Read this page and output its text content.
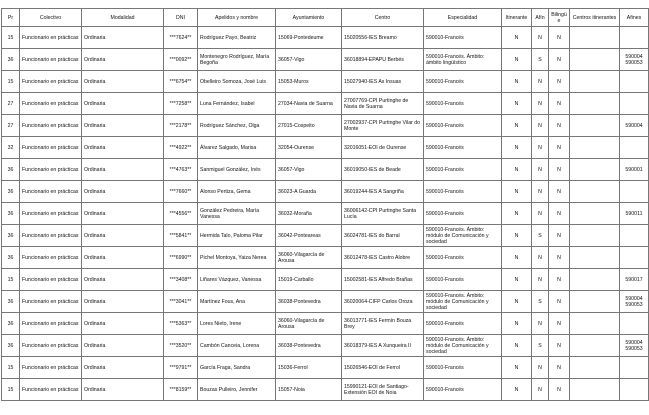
Pr	Colectivo	Modalidad	DNI	Apelidos y nombre	Ayuntamiento	Centro	Especialidad	Itinerante	Afín	Bilingüe	Centros itinerantes	Afines
15	Funcionario en prácticas	Ordinaria	***7624**	Rodríguez Payo, Beatriz	15069-Pontedeume	15020556-IES Breamo	590010-Francés	N	N	N		
36	Funcionario en prácticas	Ordinaria	***0092**	Montenegro Rodríguez, María Begoña	36057-Vigo	36018894-EPAPU Berbés	590010-Francés. Ámbito: ámbito lingüístico	N	S	N		590004
590053

15	Funcionario en prácticas	Ordinaria	***6754**	Obelleiro Somoza, José Luis	15053-Muros	15027940-IES As Insuas	590010-Francés	N	N	N		
27	Funcionario en prácticas	Ordinaria	***7258**	Luna Fernández, Isabel	27034-Navia de Suarna	27007769-CPI Purtinghe de Navia de Suarna	590010-Francés	N	N	N		
27	Funcionario en prácticas	Ordinaria	***2178**	Rodríguez Sánchez, Olga	27015-Cospeito	27002937-CPI Purtinghe Vilar do Monte	590010-Francés	N	N	N		590004

32	Funcionario en prácticas	Ordinaria	***4922**	Álvarez Salgado, Marisa	32054-Ourense	32016051-EOI de Ourense	590010-Francés	N	N	N		
36	Funcionario en prácticas	Ordinaria	***4763**	Sanmiguel González, Inés	36057-Vigo	36019050-IES de Beade	590010-Francés	N	N	N		590001

36	Funcionario en prácticas	Ordinaria	***7660**	Alonso Pertiza, Gema	36023-A Guarda	36019244-IES A Sangriña	590010-Francés	N	N	N		
36	Funcionario en prácticas	Ordinaria	***4556**	González Pedreira, María Vanessa	36032-Moraña	36006142-CPI Purtinghe Santa Lucía	590010-Francés	N	N	N		590011

36	Funcionario en prácticas	Ordinaria	***5841**	Hermida Talo, Paloma Pilar	36042-Ponteareas	36024781-IES do Barral	590010-Francés. Ámbito: módulo de Comunicación y sociedad	N	S	N		
36	Funcionario en prácticas	Ordinaria	***6990**	Pichel Montoya, Yaiza Nerea	36060-Vilagarcía de Arousa	36012478-IES Castro Alobre	590010-Francés	N	N	N		
15	Funcionario en prácticas	Ordinaria	***3408**	Liñares Vázquez, Vanessa	15019-Carballo	15002581-IES Alfredo Brañas	590010-Francés	N	N	N		590017

36	Funcionario en prácticas	Ordinaria	***3041**	Martínez Fous, Ana	36038-Pontevedra	36020064-CIFP Carlos Oroza	590010-Francés. Ámbito: módulo de Comunicación y sociedad	N	S	N		590004
590053

36	Funcionario en prácticas	Ordinaria	***5363**	Lores Nieto, Irene	36060-Vilagarcía de Arousa	36013771-IES Fermín Bouza Brey	590010-Francés	N	N	N		
36	Funcionario en prácticas	Ordinaria	***3520**	Cambón Canceia, Lorena	36038-Pontevedra	36018379-IES A Xunqueira II	590010-Francés. Ámbito: módulo de Comunicación y sociedad	N	S	N		590004
590053

15	Funcionario en prácticas	Ordinaria	***9791**	García Fraga, Sandra	15036-Ferrol	15026546-EOI de Ferrol	590010-Francés	N	N	N		
15	Funcionario en prácticas	Ordinaria	***8159**	Bouzas Pulleiro, Jennifer	15057-Noia	15990121-EOI de Santiago-Extensión EOI de Noia	590010-Francés	N	N	N		
